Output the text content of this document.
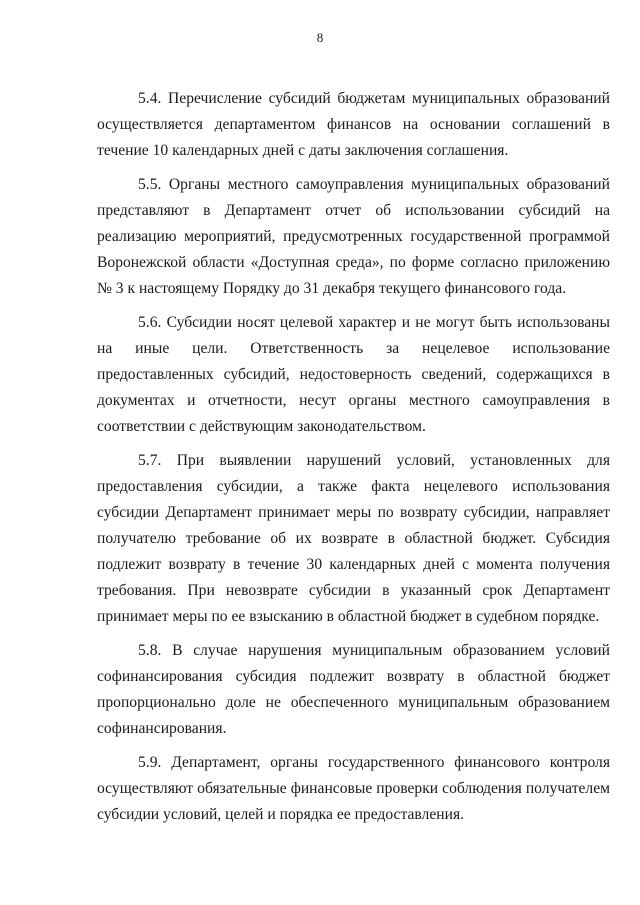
8

5.4. Перечисление субсидий бюджетам муниципальных образований осуществляется департаментом финансов на основании соглашений в течение 10 календарных дней с даты заключения соглашения.

5.5. Органы местного самоуправления муниципальных образований представляют в Департамент отчет об использовании субсидий на реализацию мероприятий, предусмотренных государственной программой Воронежской области «Доступная среда», по форме согласно приложению № 3 к настоящему Порядку до 31 декабря текущего финансового года.

5.6. Субсидии носят целевой характер и не могут быть использованы на иные цели. Ответственность за нецелевое использование предоставленных субсидий, недостоверность сведений, содержащихся в документах и отчетности, несут органы местного самоуправления в соответствии с действующим законодательством.

5.7. При выявлении нарушений условий, установленных для предоставления субсидии, а также факта нецелевого использования субсидии Департамент принимает меры по возврату субсидии, направляет получателю требование об их возврате в областной бюджет. Субсидия подлежит возврату в течение 30 календарных дней с момента получения требования. При невозврате субсидии в указанный срок Департамент принимает меры по ее взысканию в областной бюджет в судебном порядке.

5.8. В случае нарушения муниципальным образованием условий софинансирования субсидия подлежит возврату в областной бюджет пропорционально доле не обеспеченного муниципальным образованием софинансирования.

5.9. Департамент, органы государственного финансового контроля осуществляют обязательные финансовые проверки соблюдения получателем субсидии условий, целей и порядка ее предоставления.
